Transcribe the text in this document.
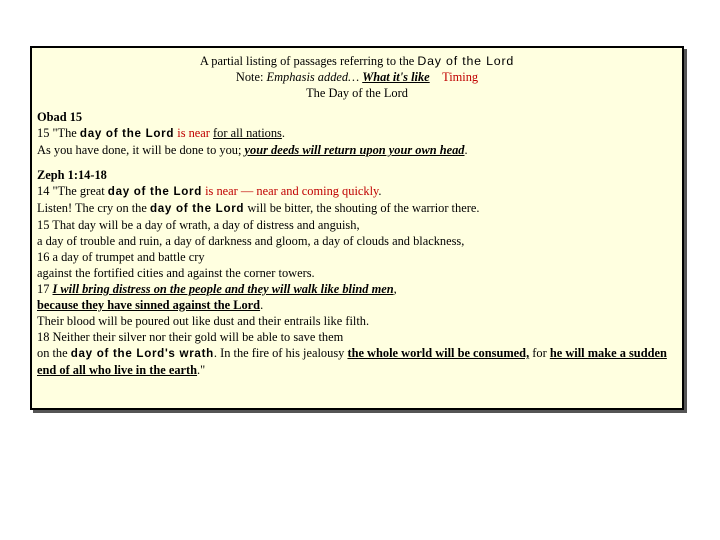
A partial listing of passages referring to the Day of the Lord
Note: Emphasis added… What it's like Timing
The Day of the Lord
Obad 15
15 "The day of the Lord is near for all nations.
As you have done, it will be done to you; your deeds will return upon your own head.
Zeph 1:14-18
14 "The great day of the Lord is near — near and coming quickly.
Listen! The cry on the day of the Lord will be bitter, the shouting of the warrior there.
15 That day will be a day of wrath, a day of distress and anguish,
a day of trouble and ruin, a day of darkness and gloom, a day of clouds and blackness,
16 a day of trumpet and battle cry
against the fortified cities and against the corner towers.
17 I will bring distress on the people and they will walk like blind men,
because they have sinned against the Lord.
Their blood will be poured out like dust and their entrails like filth.
18 Neither their silver nor their gold will be able to save them
on the day of the Lord's wrath. In the fire of his jealousy the whole world will be consumed, for he will make a sudden end of all who live in the earth."
